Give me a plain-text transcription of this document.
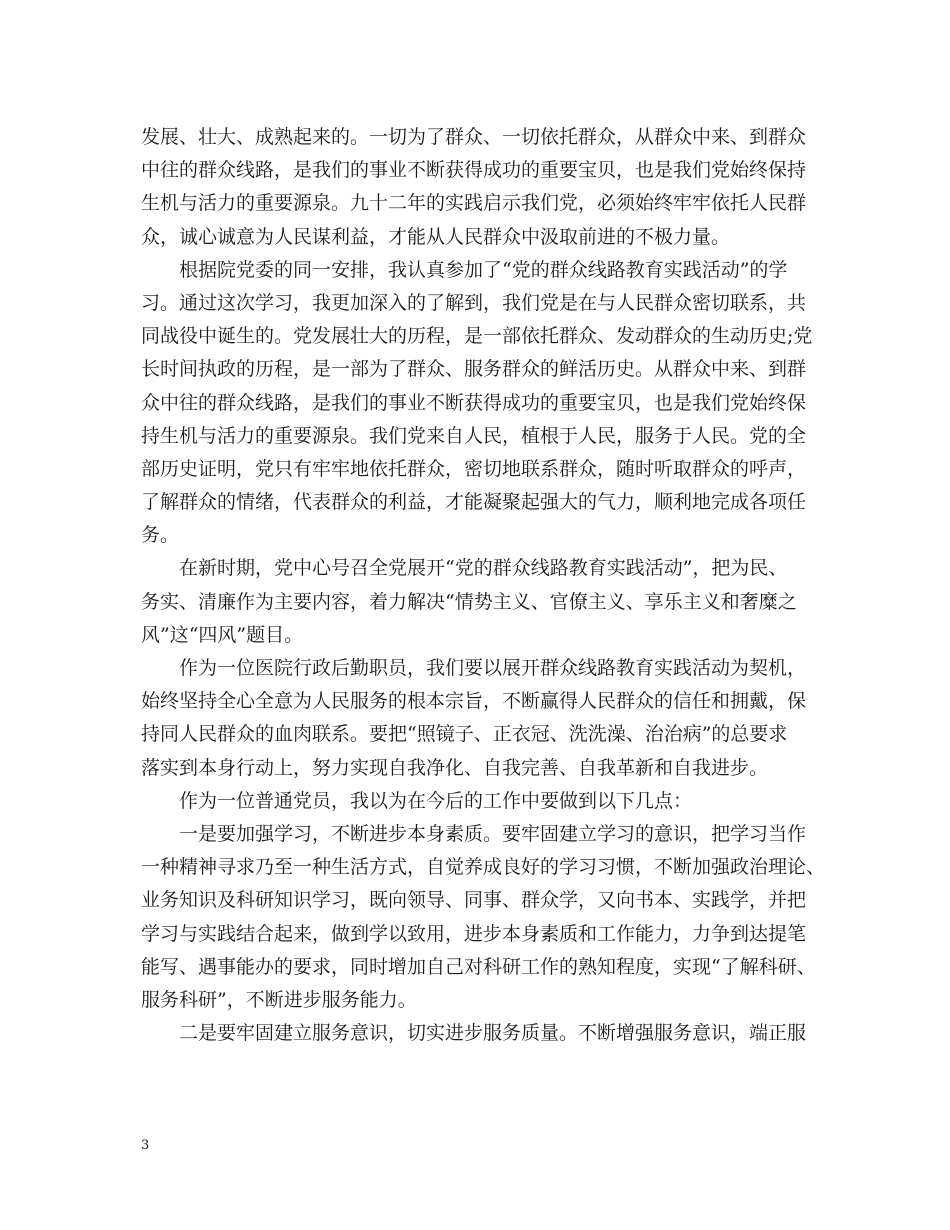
发展、壮大、成熟起来的。一切为了群众、一切依托群众，从群众中来、到群众
中往的群众线路，是我们的事业不断获得成功的重要宝贝，也是我们党始终保持
生机与活力的重要源泉。九十二年的实践启示我们党，必须始终牢牢依托人民群
众，诚心诚意为人民谋利益，才能从人民群众中汲取前进的不极力量。
根据院党委的同一安排，我认真参加了“党的群众线路教育实践活动”的学
习。通过这次学习，我更加深入的了解到，我们党是在与人民群众密切联系，共
同战役中诞生的。党发展壮大的历程，是一部依托群众、发动群众的生动历史;党
长时间执政的历程，是一部为了群众、服务群众的鲜活历史。从群众中来、到群
众中往的群众线路，是我们的事业不断获得成功的重要宝贝，也是我们党始终保
持生机与活力的重要源泉。我们党来自人民，植根于人民，服务于人民。党的全
部历史证明，党只有牢牢地依托群众，密切地联系群众，随时听取群众的呼声，
了解群众的情绪，代表群众的利益，才能凝聚起强大的气力，顺利地完成各项任
务。
在新时期，党中心号召全党展开“党的群众线路教育实践活动”，把为民、
务实、清廉作为主要内容，着力解决“情势主义、官僚主义、享乐主义和奢糜之
风”这“四风”题目。
作为一位医院行政后勤职员，我们要以展开群众线路教育实践活动为契机，
始终坚持全心全意为人民服务的根本宗旨，不断赢得人民群众的信任和拥戴，保
持同人民群众的血肉联系。要把“照镜子、正衣冠、洗洗澡、治治病”的总要求
落实到本身行动上，努力实现自我净化、自我完善、自我革新和自我进步。
作为一位普通党员，我以为在今后的工作中要做到以下几点：
一是要加强学习，不断进步本身素质。要牢固建立学习的意识，把学习当作
一种精神寻求乃至一种生活方式，自觉养成良好的学习习惯，不断加强政治理论、
业务知识及科研知识学习，既向领导、同事、群众学，又向书本、实践学，并把
学习与实践结合起来，做到学以致用，进步本身素质和工作能力，力争到达提笔
能写、遇事能办的要求，同时增加自己对科研工作的熟知程度，实现“了解科研、
服务科研”，不断进步服务能力。
二是要牢固建立服务意识，切实进步服务质量。不断增强服务意识，端正服
3
